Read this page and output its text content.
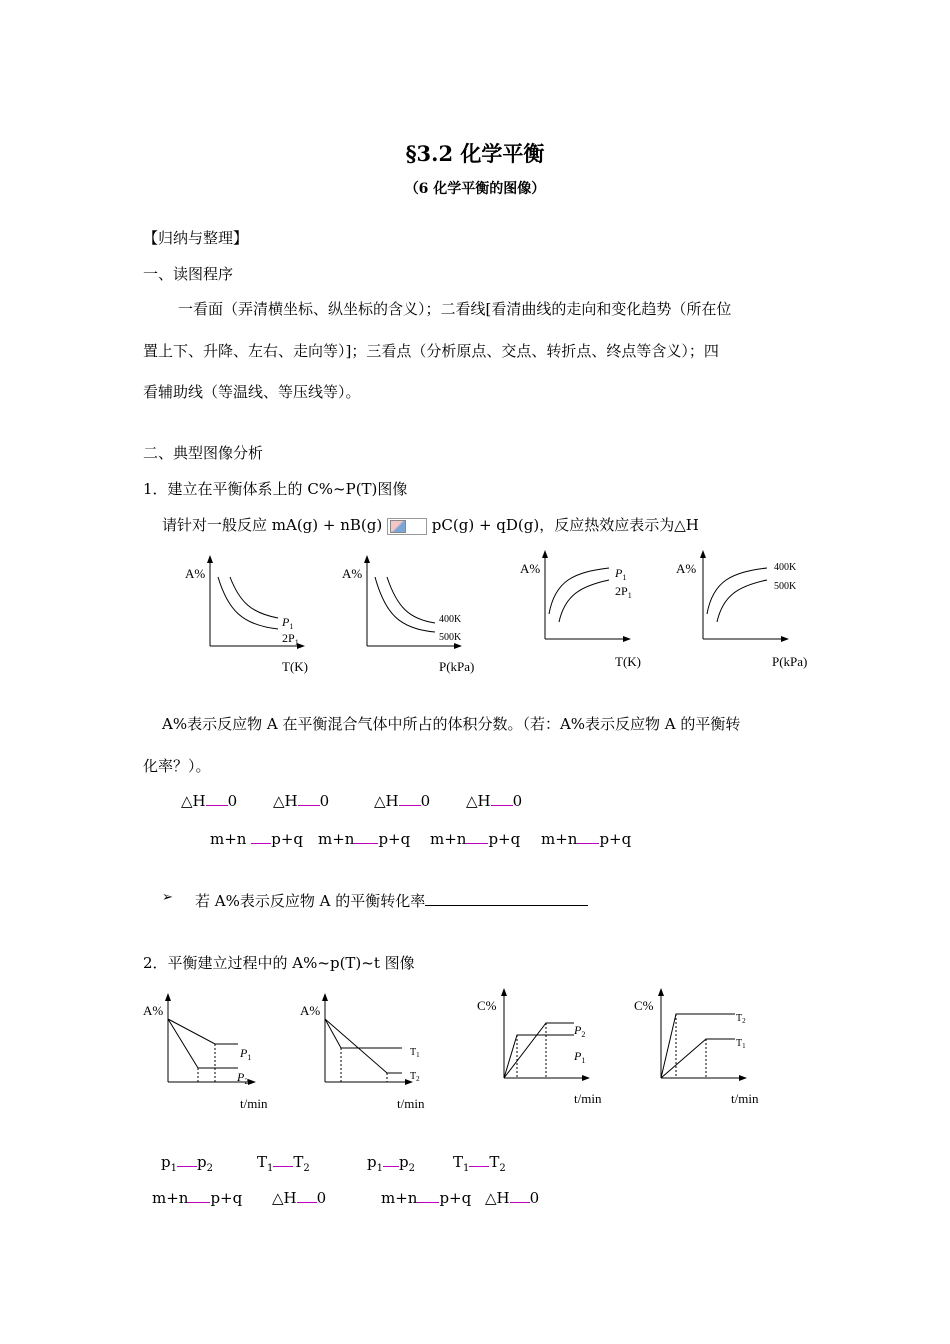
§3.2 化学平衡
（6 化学平衡的图像）
【归纳与整理】
一、读图程序
一看面（弄清横坐标、纵坐标的含义）；二看线[看清曲线的走向和变化趋势（所在位
置上下、升降、左右、走向等）]；三看点（分析原点、交点、转折点、终点等含义）；四
看辅助线（等温线、等压线等）。
二、典型图像分析
1．建立在平衡体系上的 C%~P(T)图像
请针对一般反应 mA(g) + nB(g)	pC(g) + qD(g)，反应热效应表示为△H
A%
$P_1$
$2P_1$
T(K)
A%
400K
500K
P(kPa)
A%	$P_1$
$2P_1$
T(K)
A%	400K
500K
P(kPa)
A%表示反应物 A 在平衡混合气体中所占的体积分数。（若：A%表示反应物 A 的平衡转
化率？）。
△H 0 △H 0	△H 0 △H 0
m+n p+q m+n p+q m+n p+q m+n p+q
➢ 若 A%表示反应物 A 的平衡转化率
2．平衡建立过程中的 A%~p(T)~t 图像
A%
$P_1$
$P_2$
t/min
A%
$T_1$
$T_2$
t/min
C%
$P_2$
$P_1$
t/min
C%
$T_2$
$T_1$
t/min
$p_1$ $p_2$	$T_1$ $T_2$	$p_1$ $p_2$	$T_1$ $T_2$
m+n p+q △H 0	m+n p+q △H 0
